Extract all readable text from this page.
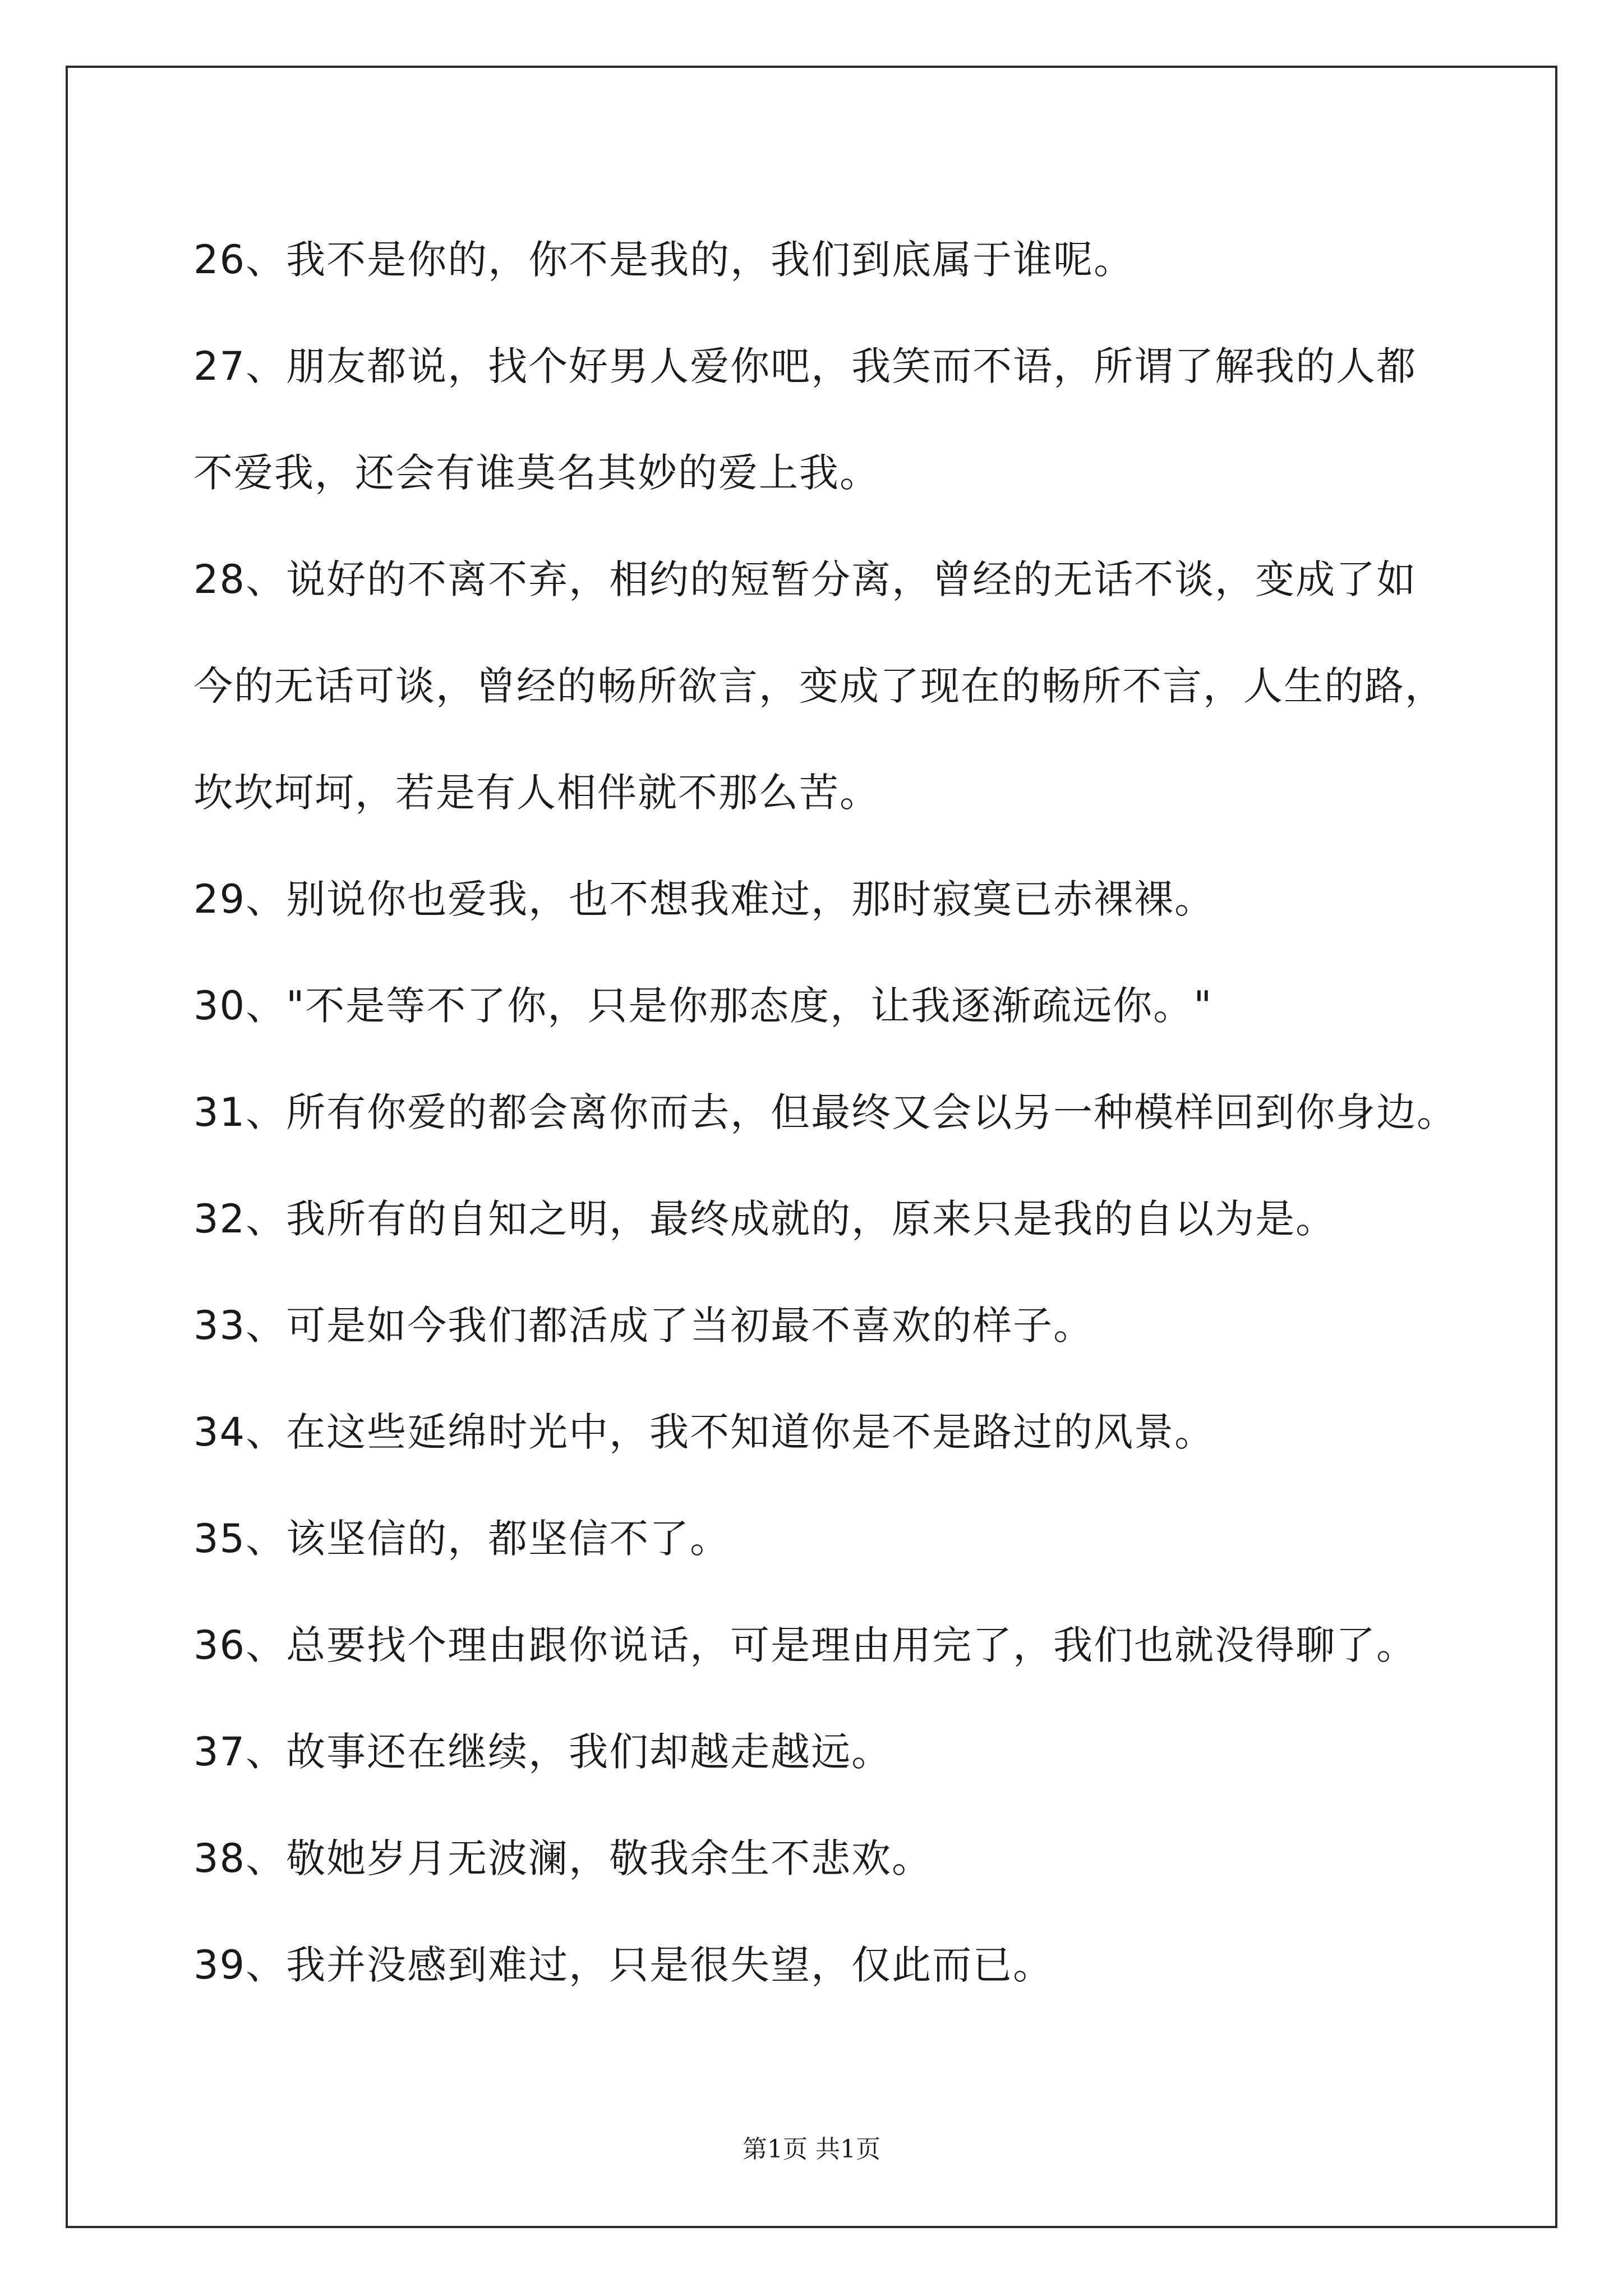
26、我不是你的，你不是我的，我们到底属于谁呢。

27、朋友都说，找个好男人爱你吧，我笑而不语，所谓了解我的人都

不爱我，还会有谁莫名其妙的爱上我。

28、说好的不离不弃，相约的短暂分离，曾经的无话不谈，变成了如

今的无话可谈，曾经的畅所欲言，变成了现在的畅所不言，人生的路，

坎坎坷坷，若是有人相伴就不那么苦。

29、别说你也爱我，也不想我难过，那时寂寞已赤裸裸。

30、"不是等不了你，只是你那态度，让我逐渐疏远你。"

31、所有你爱的都会离你而去，但最终又会以另一种模样回到你身边。

32、我所有的自知之明，最终成就的，原来只是我的自以为是。

33、可是如今我们都活成了当初最不喜欢的样子。

34、在这些延绵时光中，我不知道你是不是路过的风景。

35、该坚信的，都坚信不了。

36、总要找个理由跟你说话，可是理由用完了，我们也就没得聊了。

37、故事还在继续，我们却越走越远。

38、敬她岁月无波澜，敬我余生不悲欢。

39、我并没感到难过，只是很失望，仅此而已。

第1页 共1页
